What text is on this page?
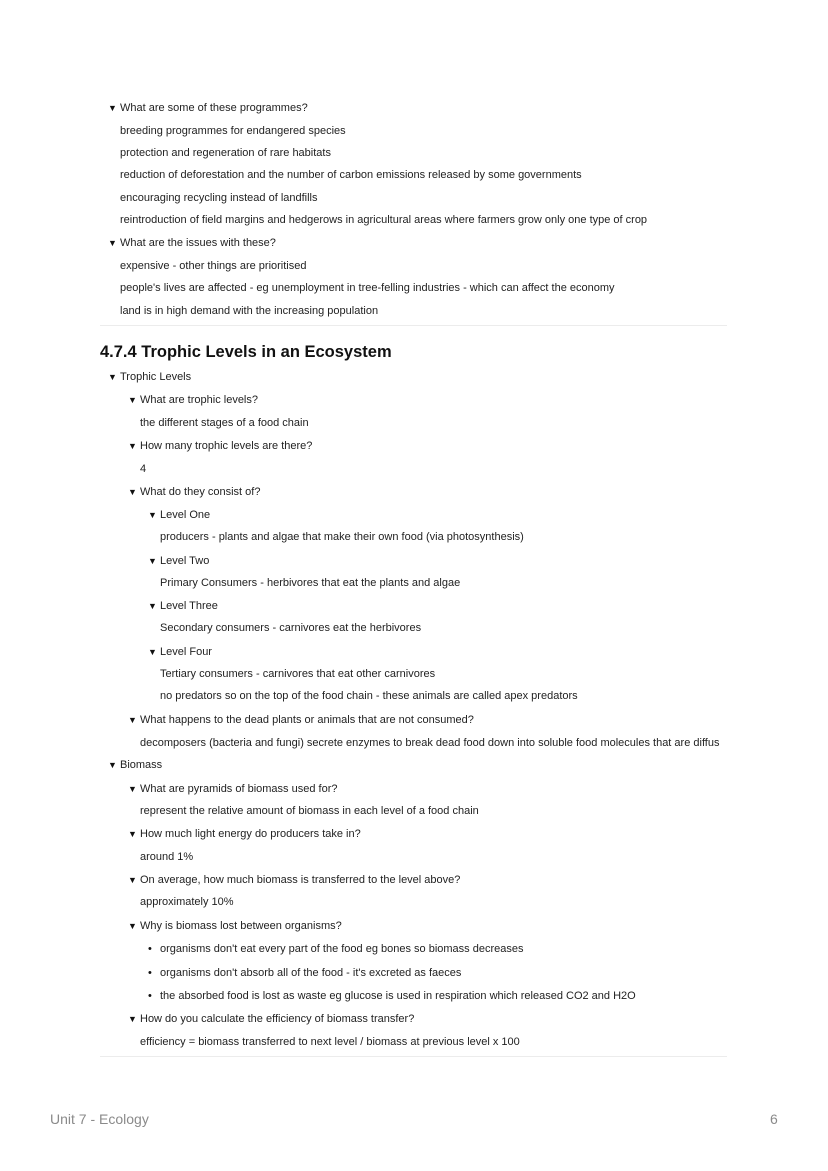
▼ What are some of these programmes?
breeding programmes for endangered species
protection and regeneration of rare habitats
reduction of deforestation and the number of carbon emissions released by some governments
encouraging recycling instead of landfills
reintroduction of field margins and hedgerows in agricultural areas where farmers grow only one type of crop
▼ What are the issues with these?
expensive - other things are prioritised
people's lives are affected - eg unemployment in tree-felling industries - which can affect the economy
land is in high demand with the increasing population
4.7.4 Trophic Levels in an Ecosystem
▼ Trophic Levels
▼ What are trophic levels?
the different stages of a food chain
▼ How many trophic levels are there?
4
▼ What do they consist of?
▼ Level One
producers - plants and algae that make their own food (via photosynthesis)
▼ Level Two
Primary Consumers - herbivores that eat the plants and algae
▼ Level Three
Secondary consumers - carnivores eat the herbivores
▼ Level Four
Tertiary consumers - carnivores that eat other carnivores
no predators so on the top of the food chain - these animals are called apex predators
▼ What happens to the dead plants or animals that are not consumed?
decomposers (bacteria and fungi) secrete enzymes to break dead food down into soluble food molecules that are diffus
▼ Biomass
▼ What are pyramids of biomass used for?
represent the relative amount of biomass in each level of a food chain
▼ How much light energy do producers take in?
around 1%
▼ On average, how much biomass is transferred to the level above?
approximately 10%
▼ Why is biomass lost between organisms?
• organisms don't eat every part of the food eg bones so biomass decreases
• organisms don't absorb all of the food - it's excreted as faeces
• the absorbed food is lost as waste eg glucose is used in respiration which released CO2 and H2O
▼ How do you calculate the efficiency of biomass transfer?
efficiency = biomass transferred to next level / biomass at previous level x 100
Unit 7 - Ecology	6
